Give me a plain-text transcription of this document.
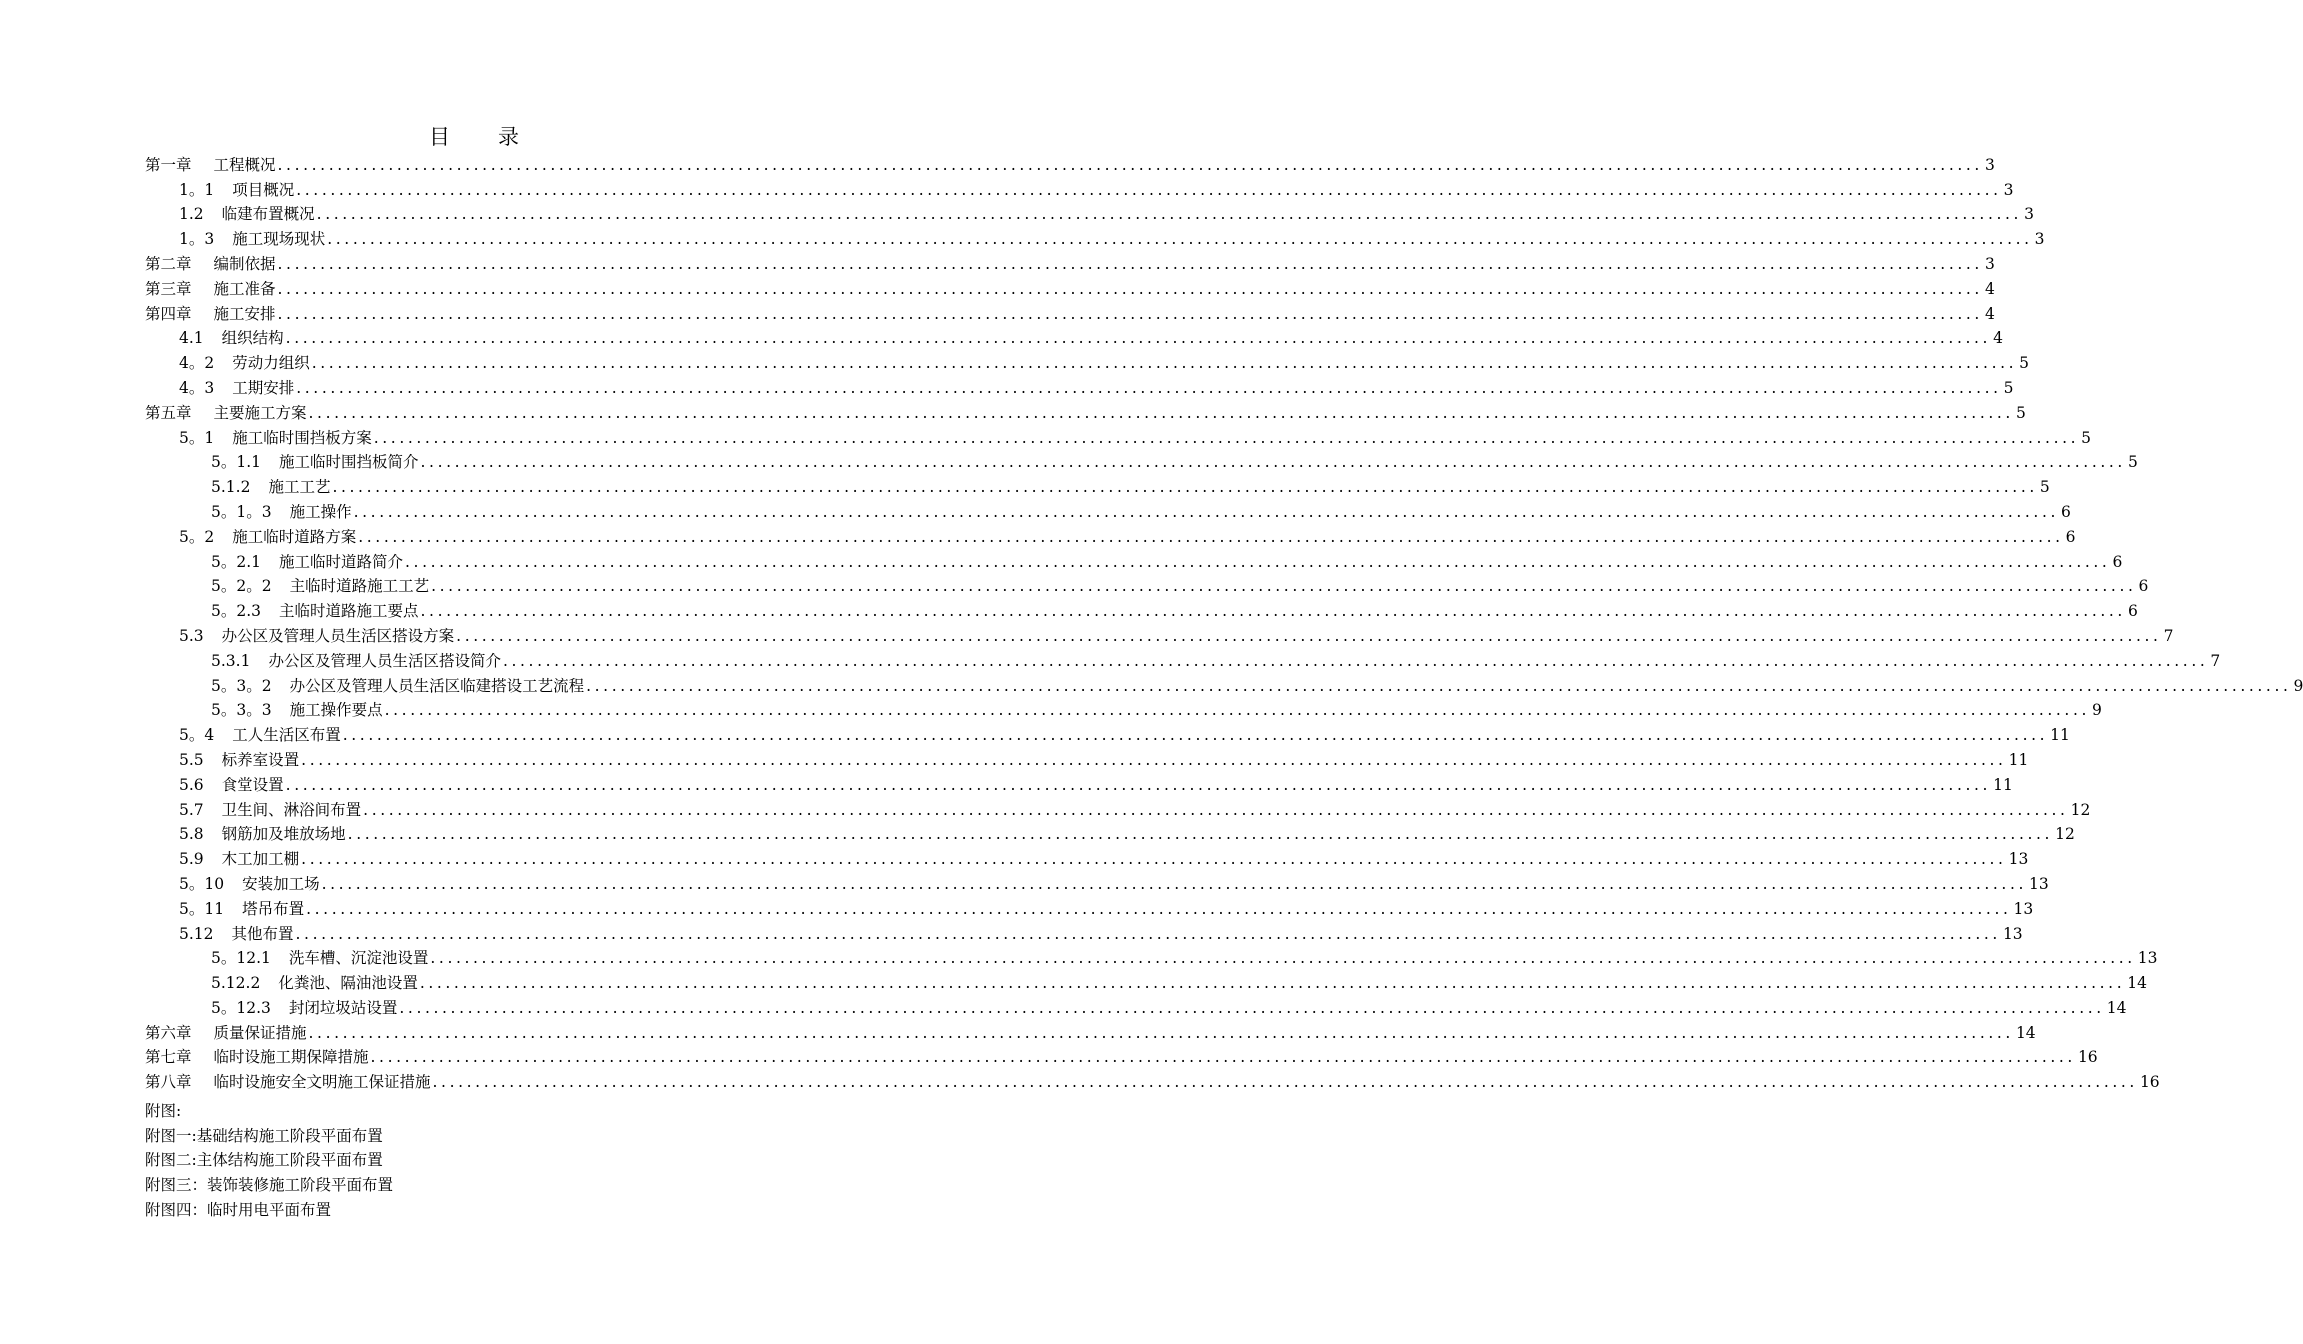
目　　录
第一章 工程概况 ........................................................................................................................................................................................................ 3
1。1 项目概况 ........................................................................................................................................................................................................ 3
1.2 临建布置概况 ........................................................................................................................................................................................................ 3
1。3 施工现场现状 ........................................................................................................................................................................................................ 3
第二章 编制依据 ........................................................................................................................................................................................................ 3
第三章 施工准备 ........................................................................................................................................................................................................ 4
第四章 施工安排 ........................................................................................................................................................................................................ 4
4.1 组织结构 ........................................................................................................................................................................................................ 4
4。2 劳动力组织 ........................................................................................................................................................................................................ 5
4。3 工期安排 ........................................................................................................................................................................................................ 5
第五章 主要施工方案 ........................................................................................................................................................................................................ 5
5。1 施工临时围挡板方案 ........................................................................................................................................................................................................ 5
5。1.1 施工临时围挡板简介 ........................................................................................................................................................................................................ 5
5.1.2 施工工艺 ........................................................................................................................................................................................................ 5
5。1。3 施工操作 ........................................................................................................................................................................................................ 6
5。2 施工临时道路方案 ........................................................................................................................................................................................................ 6
5。2.1 施工临时道路简介 ........................................................................................................................................................................................................ 6
5。2。2 主临时道路施工工艺 ........................................................................................................................................................................................................ 6
5。2.3 主临时道路施工要点 ........................................................................................................................................................................................................ 6
5.3 办公区及管理人员生活区搭设方案 ........................................................................................................................................................................................................ 7
5.3.1 办公区及管理人员生活区搭设简介 ........................................................................................................................................................................................................ 7
5。3。2 办公区及管理人员生活区临建搭设工艺流程 ........................................................................................................................................................................................................ 9
5。3。3 施工操作要点 ........................................................................................................................................................................................................ 9
5。4 工人生活区布置 ........................................................................................................................................................................................................ 11
5.5 标养室设置 ........................................................................................................................................................................................................ 11
5.6 食堂设置 ........................................................................................................................................................................................................ 11
5.7 卫生间、淋浴间布置 ........................................................................................................................................................................................................ 12
5.8 钢筋加及堆放场地 ........................................................................................................................................................................................................ 12
5.9 木工加工棚 ........................................................................................................................................................................................................ 13
5。10 安装加工场 ........................................................................................................................................................................................................ 13
5。11 塔吊布置 ........................................................................................................................................................................................................ 13
5.12 其他布置 ........................................................................................................................................................................................................ 13
5。12.1 洗车槽、沉淀池设置 ........................................................................................................................................................................................................ 13
5.12.2 化粪池、隔油池设置 ........................................................................................................................................................................................................ 14
5。12.3 封闭垃圾站设置 ........................................................................................................................................................................................................ 14
第六章 质量保证措施 ........................................................................................................................................................................................................ 14
第七章 临时设施工期保障措施 ........................................................................................................................................................................................................ 16
第八章 临时设施安全文明施工保证措施 ........................................................................................................................................................................................................ 16
附图:
附图一:基础结构施工阶段平面布置
附图二:主体结构施工阶段平面布置
附图三：装饰装修施工阶段平面布置
附图四：临时用电平面布置
